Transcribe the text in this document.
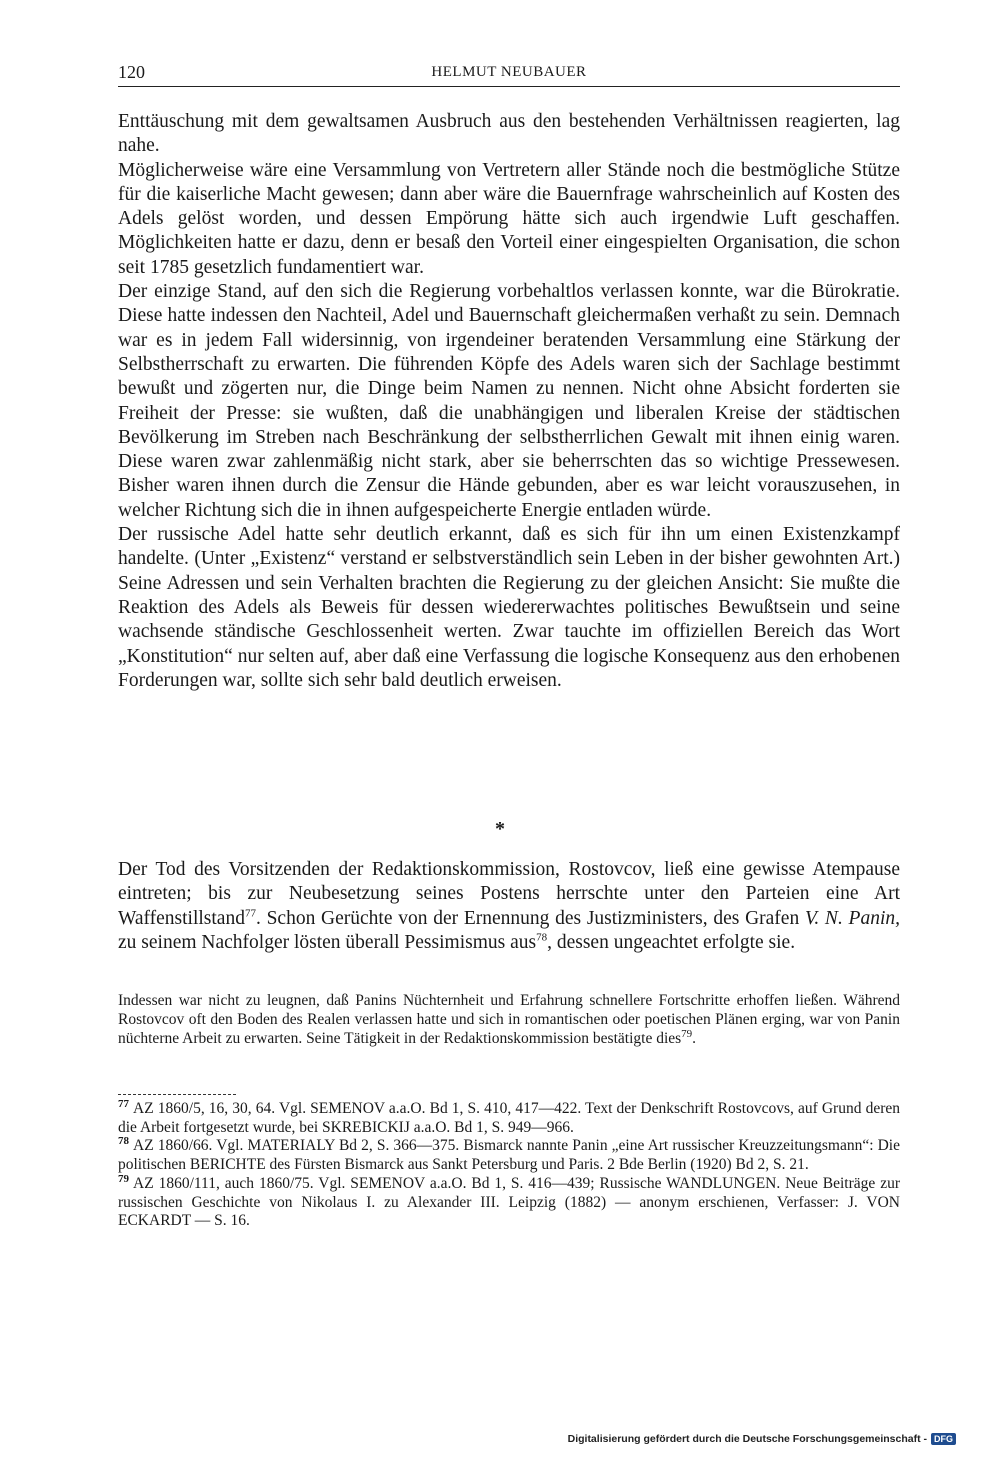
120	HELMUT NEUBAUER

Enttäuschung mit dem gewaltsamen Ausbruch aus den bestehenden Verhältnissen reagierten, lag nahe.

Möglicherweise wäre eine Versammlung von Vertretern aller Stände noch die bestmögliche Stütze für die kaiserliche Macht gewesen; dann aber wäre die Bauernfrage wahrscheinlich auf Kosten des Adels gelöst worden, und dessen Empörung hätte sich auch irgendwie Luft geschaffen. Möglichkeiten hatte er dazu, denn er besaß den Vorteil einer eingespielten Organisation, die schon seit 1785 gesetzlich fundamentiert war.

Der einzige Stand, auf den sich die Regierung vorbehaltlos verlassen konnte, war die Bürokratie. Diese hatte indessen den Nachteil, Adel und Bauernschaft gleichermaßen verhaßt zu sein. Demnach war es in jedem Fall widersinnig, von irgendeiner beratenden Versammlung eine Stärkung der Selbstherrschaft zu erwarten. Die führenden Köpfe des Adels waren sich der Sachlage bestimmt bewußt und zögerten nur, die Dinge beim Namen zu nennen. Nicht ohne Absicht forderten sie Freiheit der Presse: sie wußten, daß die unabhängigen und liberalen Kreise der städtischen Bevölkerung im Streben nach Beschränkung der selbstherrlichen Gewalt mit ihnen einig waren. Diese waren zwar zahlenmäßig nicht stark, aber sie beherrschten das so wichtige Pressewesen. Bisher waren ihnen durch die Zensur die Hände gebunden, aber es war leicht vorauszusehen, in welcher Richtung sich die in ihnen aufgespeicherte Energie entladen würde.

Der russische Adel hatte sehr deutlich erkannt, daß es sich für ihn um einen Existenzkampf handelte. (Unter „Existenz“ verstand er selbstverständlich sein Leben in der bisher gewohnten Art.) Seine Adressen und sein Verhalten brachten die Regierung zu der gleichen Ansicht: Sie mußte die Reaktion des Adels als Beweis für dessen wiedererwachtes politisches Bewußtsein und seine wachsende ständische Geschlossenheit werten. Zwar tauchte im offiziellen Bereich das Wort „Konstitution“ nur selten auf, aber daß eine Verfassung die logische Konsequenz aus den erhobenen Forderungen war, sollte sich sehr bald deutlich erweisen.

*

Der Tod des Vorsitzenden der Redaktionskommission, Rostovcov, ließ eine gewisse Atempause eintreten; bis zur Neubesetzung seines Postens herrschte unter den Parteien eine Art Waffenstillstand$^{77}$. Schon Gerüchte von der Ernennung des Justizministers, des Grafen V. N. Panin, zu seinem Nachfolger lösten überall Pessimismus aus$^{78}$, dessen ungeachtet erfolgte sie.

Indessen war nicht zu leugnen, daß Panins Nüchternheit und Erfahrung schnellere Fortschritte erhoffen ließen. Während Rostovcov oft den Boden des Realen verlassen hatte und sich in romantischen oder poetischen Plänen erging, war von Panin nüchterne Arbeit zu erwarten. Seine Tätigkeit in der Redaktionskommission bestätigte dies$^{79}$.

$^{77}$ AZ 1860/5, 16, 30, 64. Vgl. SEMENOV a.a.O. Bd 1, S. 410, 417—422. Text der Denkschrift Rostovcovs, auf Grund deren die Arbeit fortgesetzt wurde, bei SKREBICKIJ a.a.O. Bd 1, S. 949—966.

$^{78}$ AZ 1860/66. Vgl. MATERIALY Bd 2, S. 366—375. Bismarck nannte Panin „eine Art russischer Kreuzzeitungsmann“: Die politischen BERICHTE des Fürsten Bismarck aus Sankt Petersburg und Paris. 2 Bde Berlin (1920) Bd 2, S. 21.

$^{79}$ AZ 1860/111, auch 1860/75. Vgl. SEMENOV a.a.O. Bd 1, S. 416—439; Russische WANDLUNGEN. Neue Beiträge zur russischen Geschichte von Nikolaus I. zu Alexander III. Leipzig (1882) — anonym erschienen, Verfasser: J. VON ECKARDT — S. 16.

Digitalisierung gefördert durch die Deutsche Forschungsgemeinschaft - DFG
